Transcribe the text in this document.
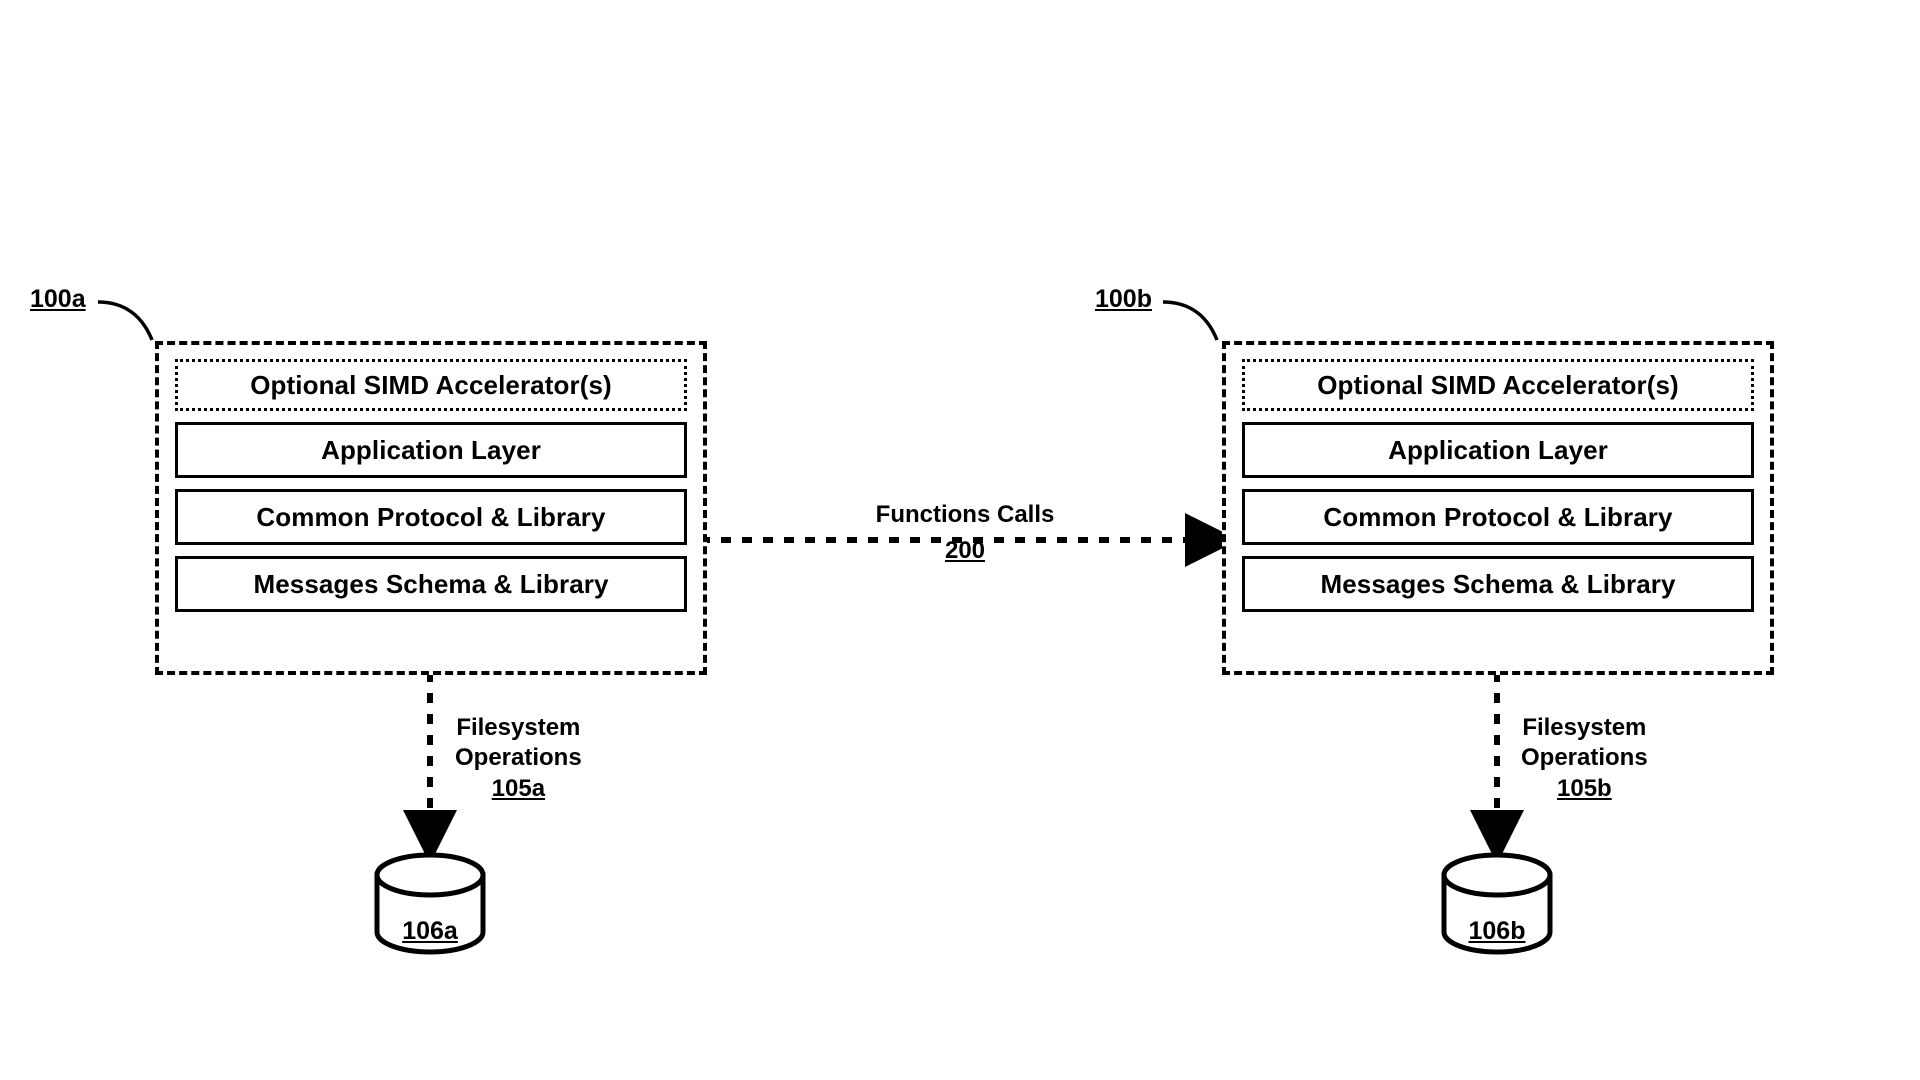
100a
Optional SIMD Accelerator(s)
Application Layer
Common Protocol & Library
Messages Schema & Library
Filesystem
Operations
105a
106a
100b
Optional SIMD Accelerator(s)
Application Layer
Common Protocol & Library
Messages Schema & Library
Filesystem
Operations
105b
106b
Functions Calls
200
